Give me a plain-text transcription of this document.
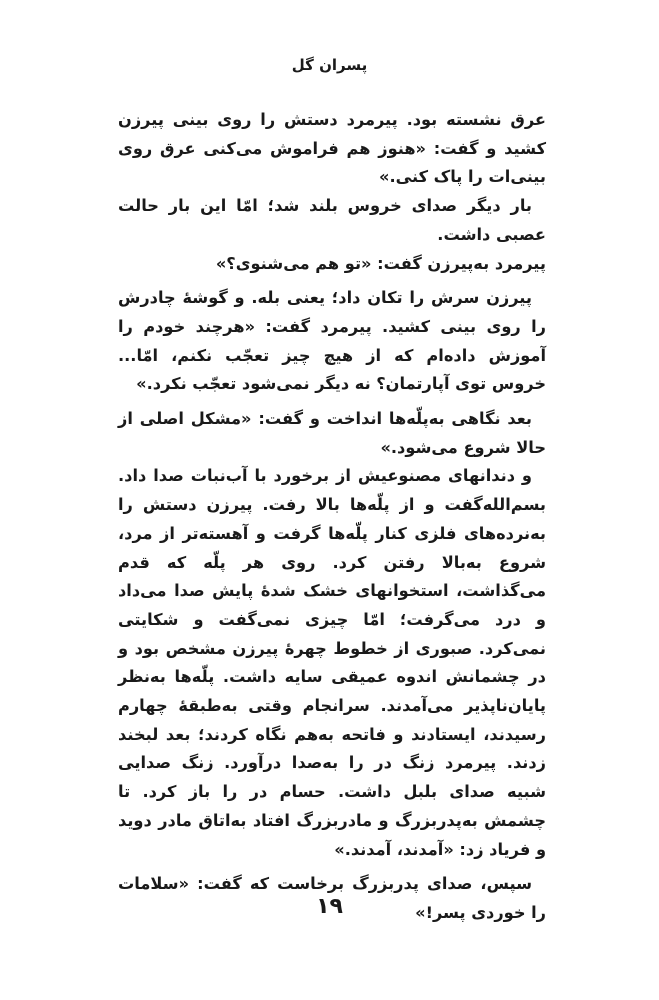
پسران گل

عرق نشسته بود. پیرمرد دستش را روی بینی پیرزن کشید و گفت: «هنوز هم فراموش می‌کنی عرق روی بینی‌ات را پاک کنی.»

بار دیگر صدای خروس بلند شد؛ امّا این بار حالت عصبی داشت.

پیرمرد به‌پیرزن گفت: «تو هم می‌شنوی؟»

پیرزن سرش را تکان داد؛ یعنی بله. و گوشهٔ چادرش را روی بینی کشید. پیرمرد گفت: «هرچند خودم را آموزش داده‌ام که از هیچ چیز تعجّب نکنم، امّا... خروس توی آپارتمان؟ نه دیگر نمی‌شود تعجّب نکرد.»

بعد نگاهی به‌پلّه‌ها انداخت و گفت: «مشکل اصلی از حالا شروع می‌شود.»

و دندانهای مصنوعیش از برخورد با آب‌نبات صدا داد. بسم‌الله‌گفت و از پلّه‌ها بالا رفت. پیرزن دستش را به‌نرده‌های فلزی کنار پلّه‌ها گرفت و آهسته‌تر از مرد، شروع به‌بالا رفتن کرد. روی هر پلّه که قدم می‌گذاشت، استخوانهای خشک شدهٔ پایش صدا می‌داد و درد می‌گرفت؛ امّا چیزی نمی‌گفت و شکایتی نمی‌کرد. صبوری از خطوط چهرهٔ پیرزن مشخص بود و در چشمانش اندوه عمیقی سایه داشت. پلّه‌ها به‌نظر پایان‌ناپذیر می‌آمدند. سرانجام وقتی به‌طبقهٔ چهارم رسیدند، ایستادند و فاتحه به‌هم نگاه کردند؛ بعد لبخند زدند. پیرمرد زنگ در را به‌صدا درآورد. زنگ صدایی شبیه صدای بلبل داشت. حسام در را باز کرد. تا چشمش به‌پدربزرگ و مادربزرگ افتاد به‌اتاق مادر دوید و فریاد زد: «آمدند، آمدند.»

سپس، صدای پدربزرگ برخاست که گفت: «سلامات را خوردی پسر!»

۱۹
